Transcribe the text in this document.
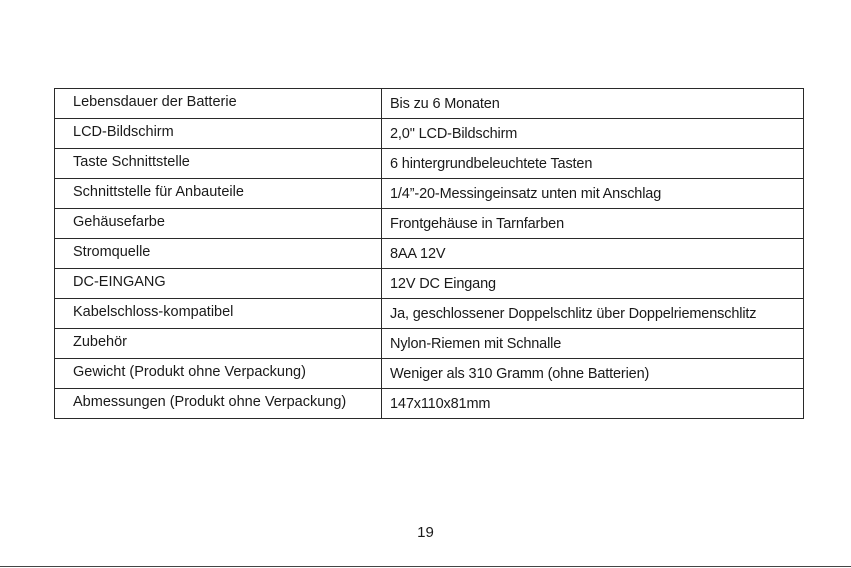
Lebensdauer der Batterie	Bis zu 6 Monaten
LCD-Bildschirm	2,0" LCD-Bildschirm
Taste Schnittstelle	6 hintergrundbeleuchtete Tasten
Schnittstelle für Anbauteile	1/4”-20-Messingeinsatz unten mit Anschlag
Gehäusefarbe	Frontgehäuse in Tarnfarben
Stromquelle	8AA 12V
DC-EINGANG	12V DC Eingang
Kabelschloss-kompatibel	Ja, geschlossener Doppelschlitz über Doppelriemenschlitz
Zubehör	Nylon-Riemen mit Schnalle
Gewicht (Produkt ohne Verpackung)	Weniger als 310 Gramm (ohne Batterien)
Abmessungen (Produkt ohne Verpackung)	147x110x81mm
19
